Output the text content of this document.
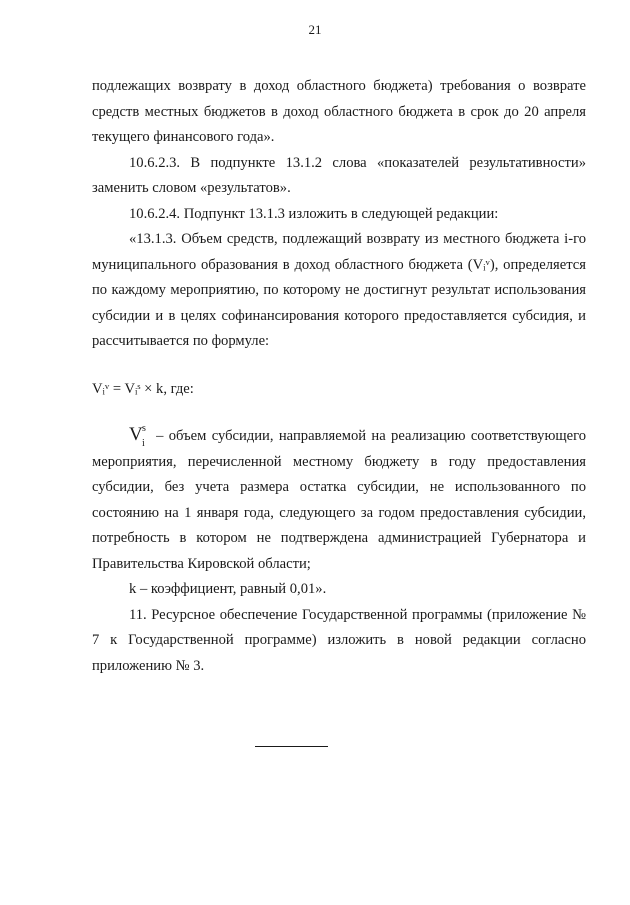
21

подлежащих возврату в доход областного бюджета) требования о возврате средств местных бюджетов в доход областного бюджета в срок до 20 апреля текущего финансового года».

10.6.2.3. В подпункте 13.1.2 слова «показателей результативности» заменить словом «результатов».

10.6.2.4. Подпункт 13.1.3 изложить в следующей редакции:

«13.1.3. Объем средств, подлежащий возврату из местного бюджета i-го муниципального образования в доход областного бюджета (Vᵢᵛ), определяется по каждому мероприятию, по которому не достигнут результат использования субсидии и в целях софинансирования которого предоставляется субсидия, и рассчитывается по формуле:

Vᵢᵛ = Vᵢˢ × k, где:

V s
i – объем субсидии, направляемой на реализацию соответствующего мероприятия, перечисленной местному бюджету в году предоставления субсидии, без учета размера остатка субсидии, не использованного по состоянию на 1 января года, следующего за годом предоставления субсидии, потребность в котором не подтверждена администрацией Губернатора и Правительства Кировской области;

k – коэффициент, равный 0,01».

11. Ресурсное обеспечение Государственной программы (приложение № 7 к Государственной программе) изложить в новой редакции согласно приложению № 3.
